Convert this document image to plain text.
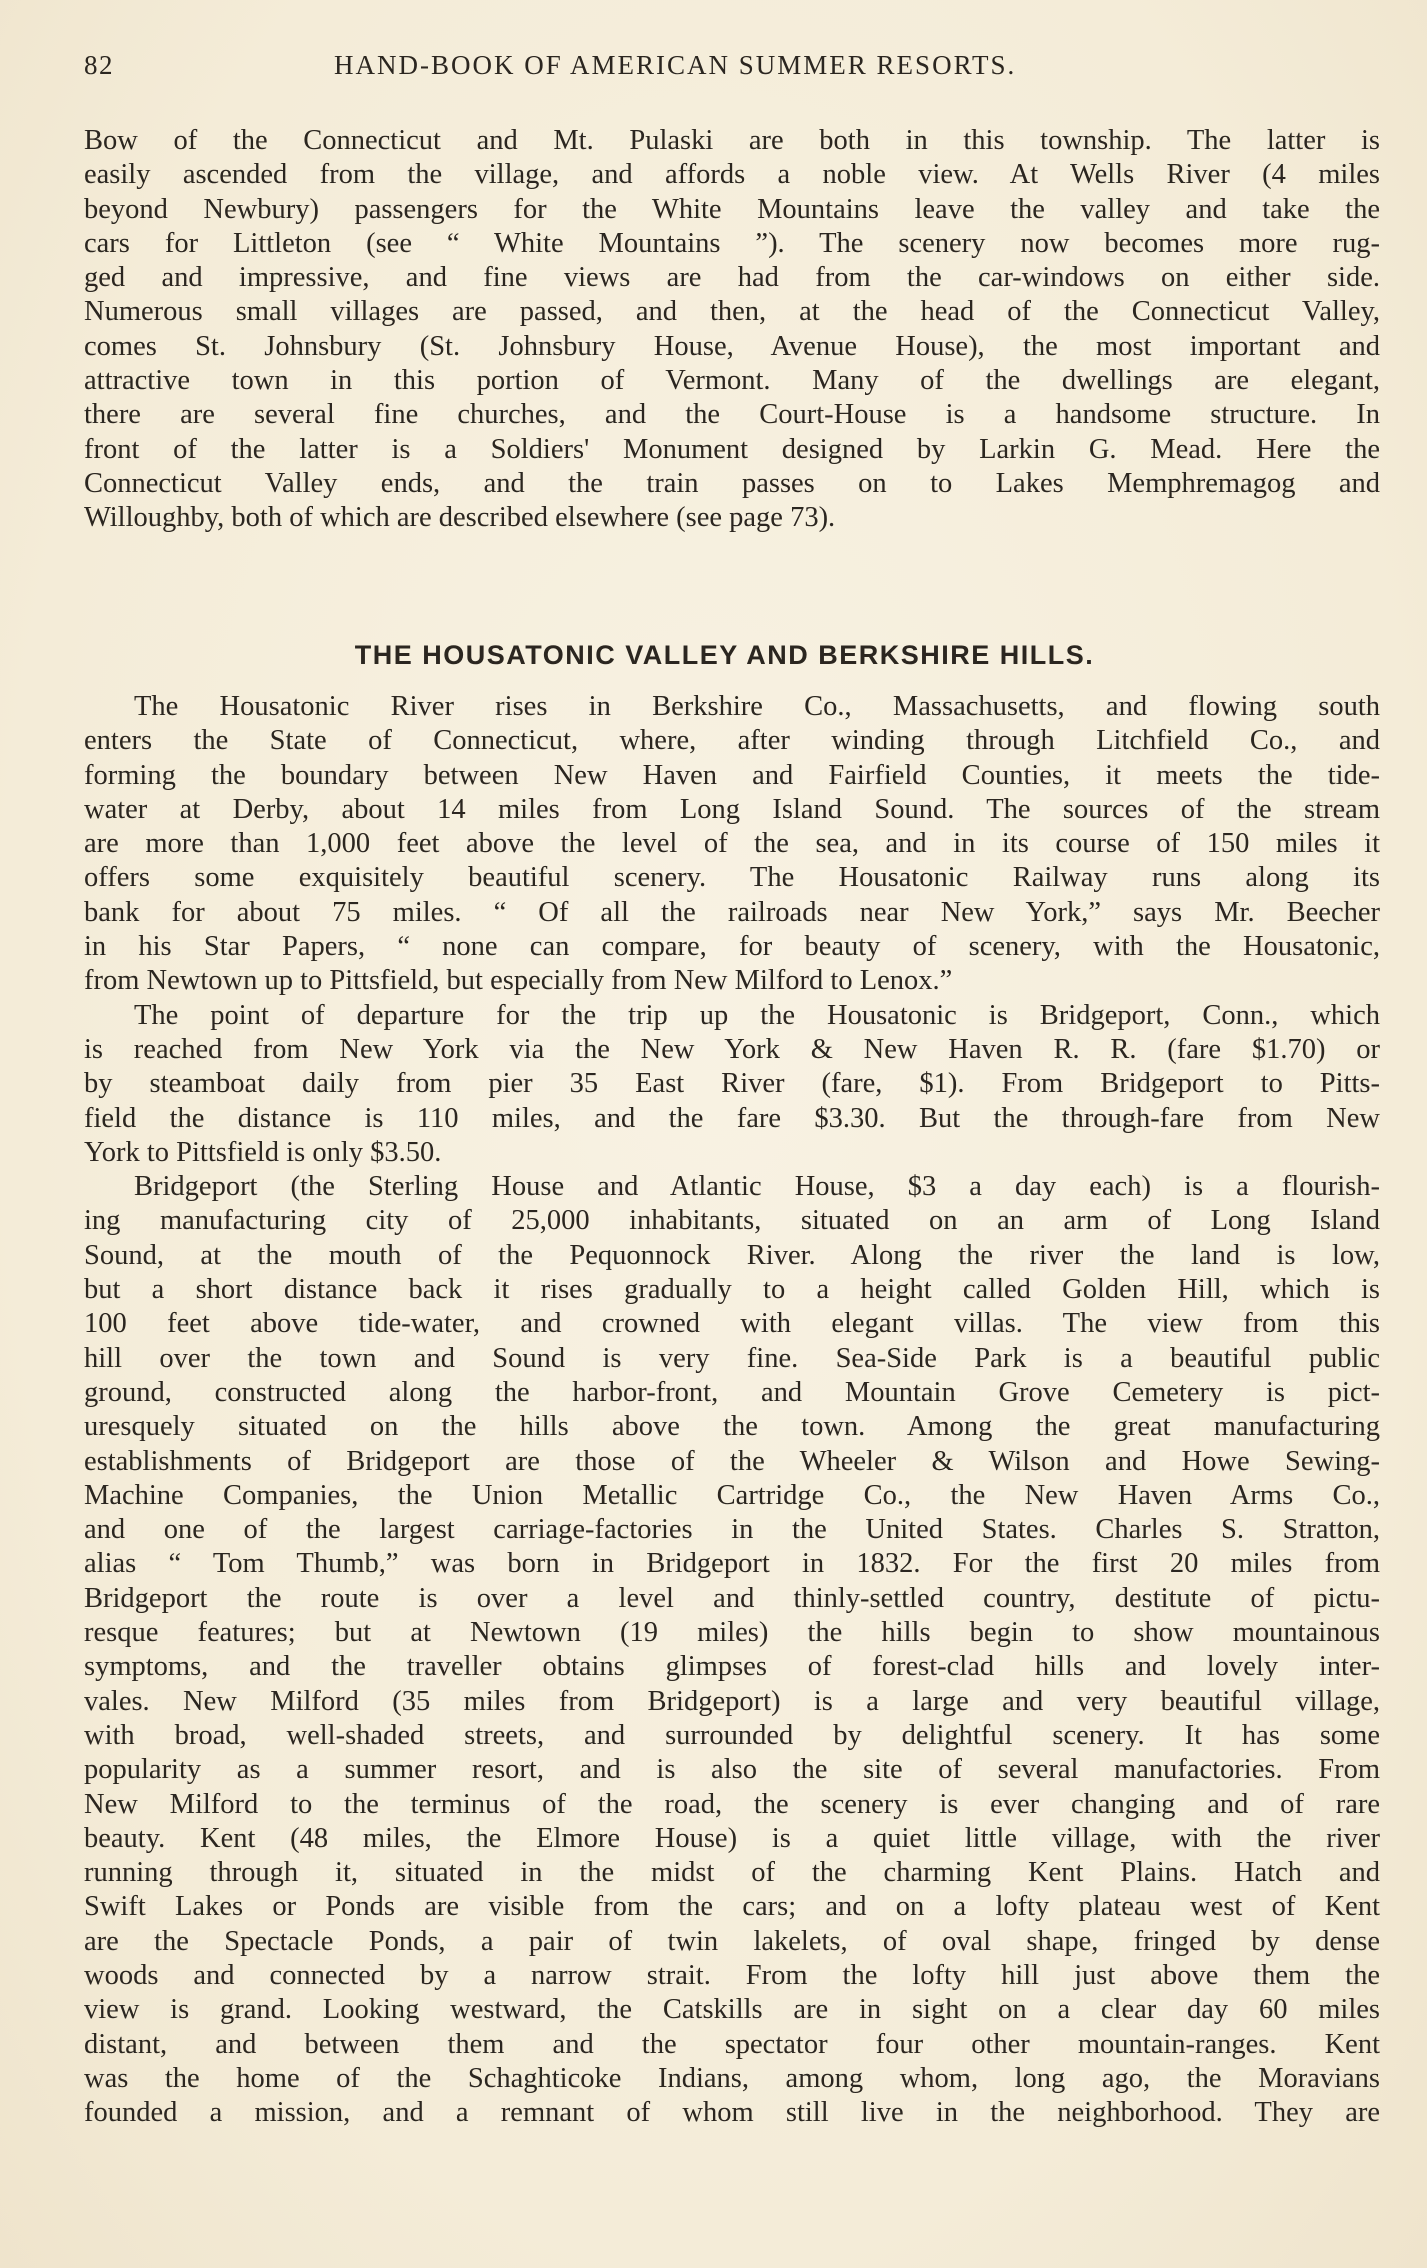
82	HAND-BOOK OF AMERICAN SUMMER RESORTS.
Bow of the Connecticut and Mt. Pulaski are both in this township. The latter is
easily ascended from the village, and affords a noble view. At Wells River (4 miles
beyond Newbury) passengers for the White Mountains leave the valley and take the
cars for Littleton (see “ White Mountains ”). The scenery now becomes more rug-
ged and impressive, and fine views are had from the car-windows on either side.
Numerous small villages are passed, and then, at the head of the Connecticut Valley,
comes St. Johnsbury (St. Johnsbury House, Avenue House), the most important and
attractive town in this portion of Vermont. Many of the dwellings are elegant,
there are several fine churches, and the Court-House is a handsome structure. In
front of the latter is a Soldiers' Monument designed by Larkin G. Mead. Here the
Connecticut Valley ends, and the train passes on to Lakes Memphremagog and
Willoughby, both of which are described elsewhere (see page 73).
THE HOUSATONIC VALLEY AND BERKSHIRE HILLS.
The Housatonic River rises in Berkshire Co., Massachusetts, and flowing south
enters the State of Connecticut, where, after winding through Litchfield Co., and
forming the boundary between New Haven and Fairfield Counties, it meets the tide-
water at Derby, about 14 miles from Long Island Sound. The sources of the stream
are more than 1,000 feet above the level of the sea, and in its course of 150 miles it
offers some exquisitely beautiful scenery. The Housatonic Railway runs along its
bank for about 75 miles. “ Of all the railroads near New York,” says Mr. Beecher
in his Star Papers, “ none can compare, for beauty of scenery, with the Housatonic,
from Newtown up to Pittsfield, but especially from New Milford to Lenox.”
The point of departure for the trip up the Housatonic is Bridgeport, Conn., which
is reached from New York via the New York & New Haven R. R. (fare $1.70) or
by steamboat daily from pier 35 East River (fare, $1). From Bridgeport to Pitts-
field the distance is 110 miles, and the fare $3.30. But the through-fare from New
York to Pittsfield is only $3.50.
Bridgeport (the Sterling House and Atlantic House, $3 a day each) is a flourish-
ing manufacturing city of 25,000 inhabitants, situated on an arm of Long Island
Sound, at the mouth of the Pequonnock River. Along the river the land is low,
but a short distance back it rises gradually to a height called Golden Hill, which is
100 feet above tide-water, and crowned with elegant villas. The view from this
hill over the town and Sound is very fine. Sea-Side Park is a beautiful public
ground, constructed along the harbor-front, and Mountain Grove Cemetery is pict-
uresquely situated on the hills above the town. Among the great manufacturing
establishments of Bridgeport are those of the Wheeler & Wilson and Howe Sewing-
Machine Companies, the Union Metallic Cartridge Co., the New Haven Arms Co.,
and one of the largest carriage-factories in the United States. Charles S. Stratton,
alias “ Tom Thumb,” was born in Bridgeport in 1832. For the first 20 miles from
Bridgeport the route is over a level and thinly-settled country, destitute of pictu-
resque features; but at Newtown (19 miles) the hills begin to show mountainous
symptoms, and the traveller obtains glimpses of forest-clad hills and lovely inter-
vales. New Milford (35 miles from Bridgeport) is a large and very beautiful village,
with broad, well-shaded streets, and surrounded by delightful scenery. It has some
popularity as a summer resort, and is also the site of several manufactories. From
New Milford to the terminus of the road, the scenery is ever changing and of rare
beauty. Kent (48 miles, the Elmore House) is a quiet little village, with the river
running through it, situated in the midst of the charming Kent Plains. Hatch and
Swift Lakes or Ponds are visible from the cars; and on a lofty plateau west of Kent
are the Spectacle Ponds, a pair of twin lakelets, of oval shape, fringed by dense
woods and connected by a narrow strait. From the lofty hill just above them the
view is grand. Looking westward, the Catskills are in sight on a clear day 60 miles
distant, and between them and the spectator four other mountain-ranges. Kent
was the home of the Schaghticoke Indians, among whom, long ago, the Moravians
founded a mission, and a remnant of whom still live in the neighborhood. They are
